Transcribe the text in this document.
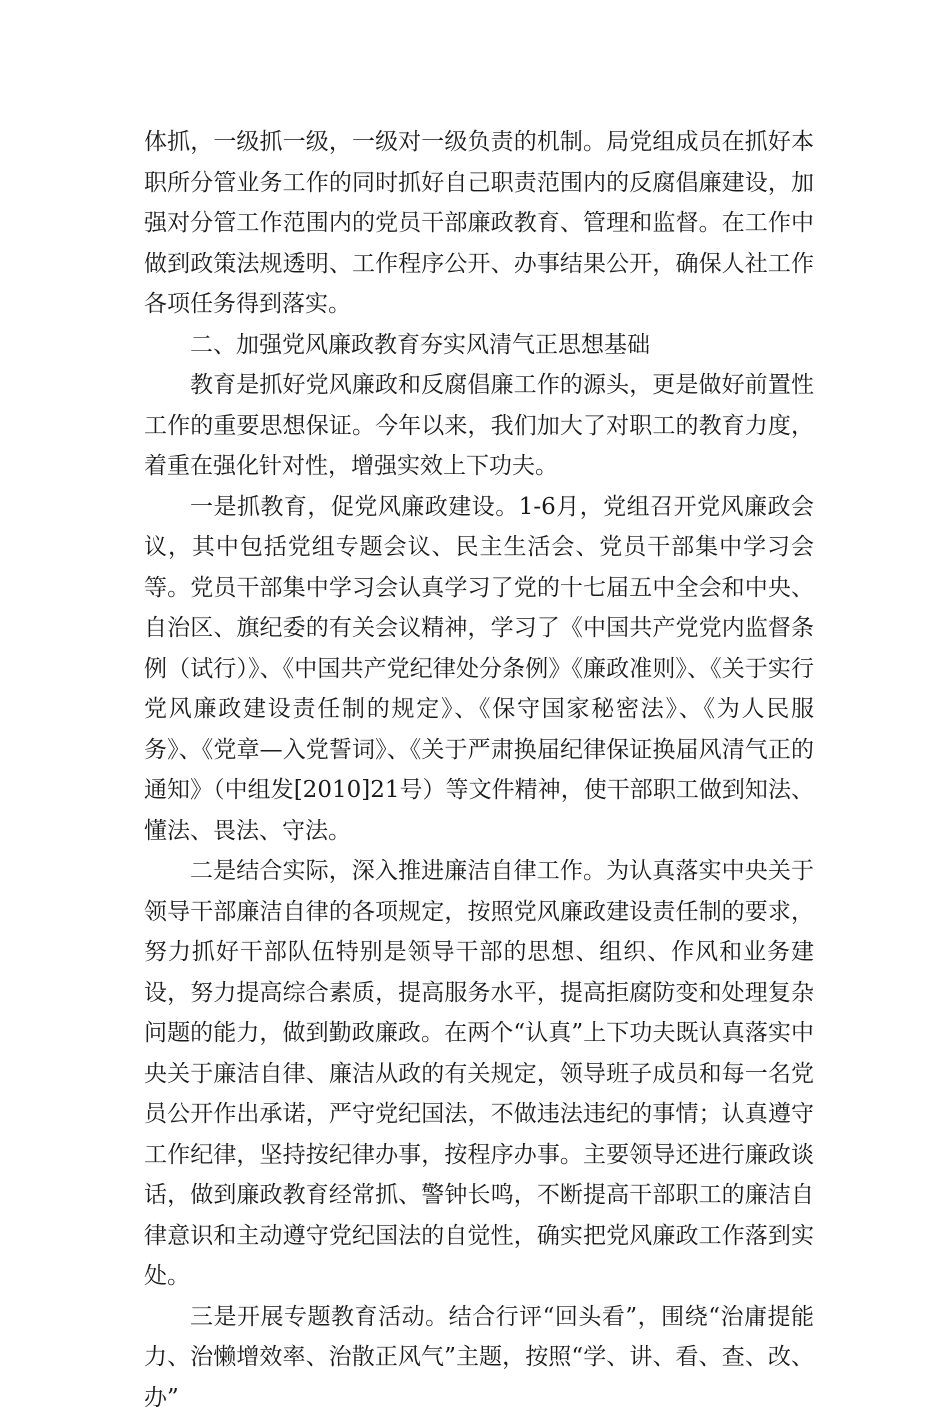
体抓，一级抓一级，一级对一级负责的机制。局党组成员在抓好本职所分管业务工作的同时抓好自己职责范围内的反腐倡廉建设，加强对分管工作范围内的党员干部廉政教育、管理和监督。在工作中做到政策法规透明、工作程序公开、办事结果公开，确保人社工作各项任务得到落实。

二、加强党风廉政教育夯实风清气正思想基础

教育是抓好党风廉政和反腐倡廉工作的源头，更是做好前置性工作的重要思想保证。今年以来，我们加大了对职工的教育力度，着重在强化针对性，增强实效上下功夫。

一是抓教育，促党风廉政建设。1-6月，党组召开党风廉政会议，其中包括党组专题会议、民主生活会、党员干部集中学习会等。党员干部集中学习会认真学习了党的十七届五中全会和中央、自治区、旗纪委的有关会议精神，学习了《中国共产党党内监督条例（试行）》、《中国共产党纪律处分条例》《廉政准则》、《关于实行党风廉政建设责任制的规定》、《保守国家秘密法》、《为人民服务》、《党章—入党誓词》、《关于严肃换届纪律保证换届风清气正的通知》（中组发[2010]21号）等文件精神，使干部职工做到知法、懂法、畏法、守法。

二是结合实际，深入推进廉洁自律工作。为认真落实中央关于领导干部廉洁自律的各项规定，按照党风廉政建设责任制的要求，努力抓好干部队伍特别是领导干部的思想、组织、作风和业务建设，努力提高综合素质，提高服务水平，提高拒腐防变和处理复杂问题的能力，做到勤政廉政。在两个“认真”上下功夫既认真落实中央关于廉洁自律、廉洁从政的有关规定，领导班子成员和每一名党员公开作出承诺，严守党纪国法，不做违法违纪的事情；认真遵守工作纪律，坚持按纪律办事，按程序办事。主要领导还进行廉政谈话，做到廉政教育经常抓、警钟长鸣，不断提高干部职工的廉洁自律意识和主动遵守党纪国法的自觉性，确实把党风廉政工作落到实处。

三是开展专题教育活动。结合行评“回头看”，围绕“治庸提能力、治懒增效率、治散正风气”主题，按照“学、讲、看、查、改、办”
